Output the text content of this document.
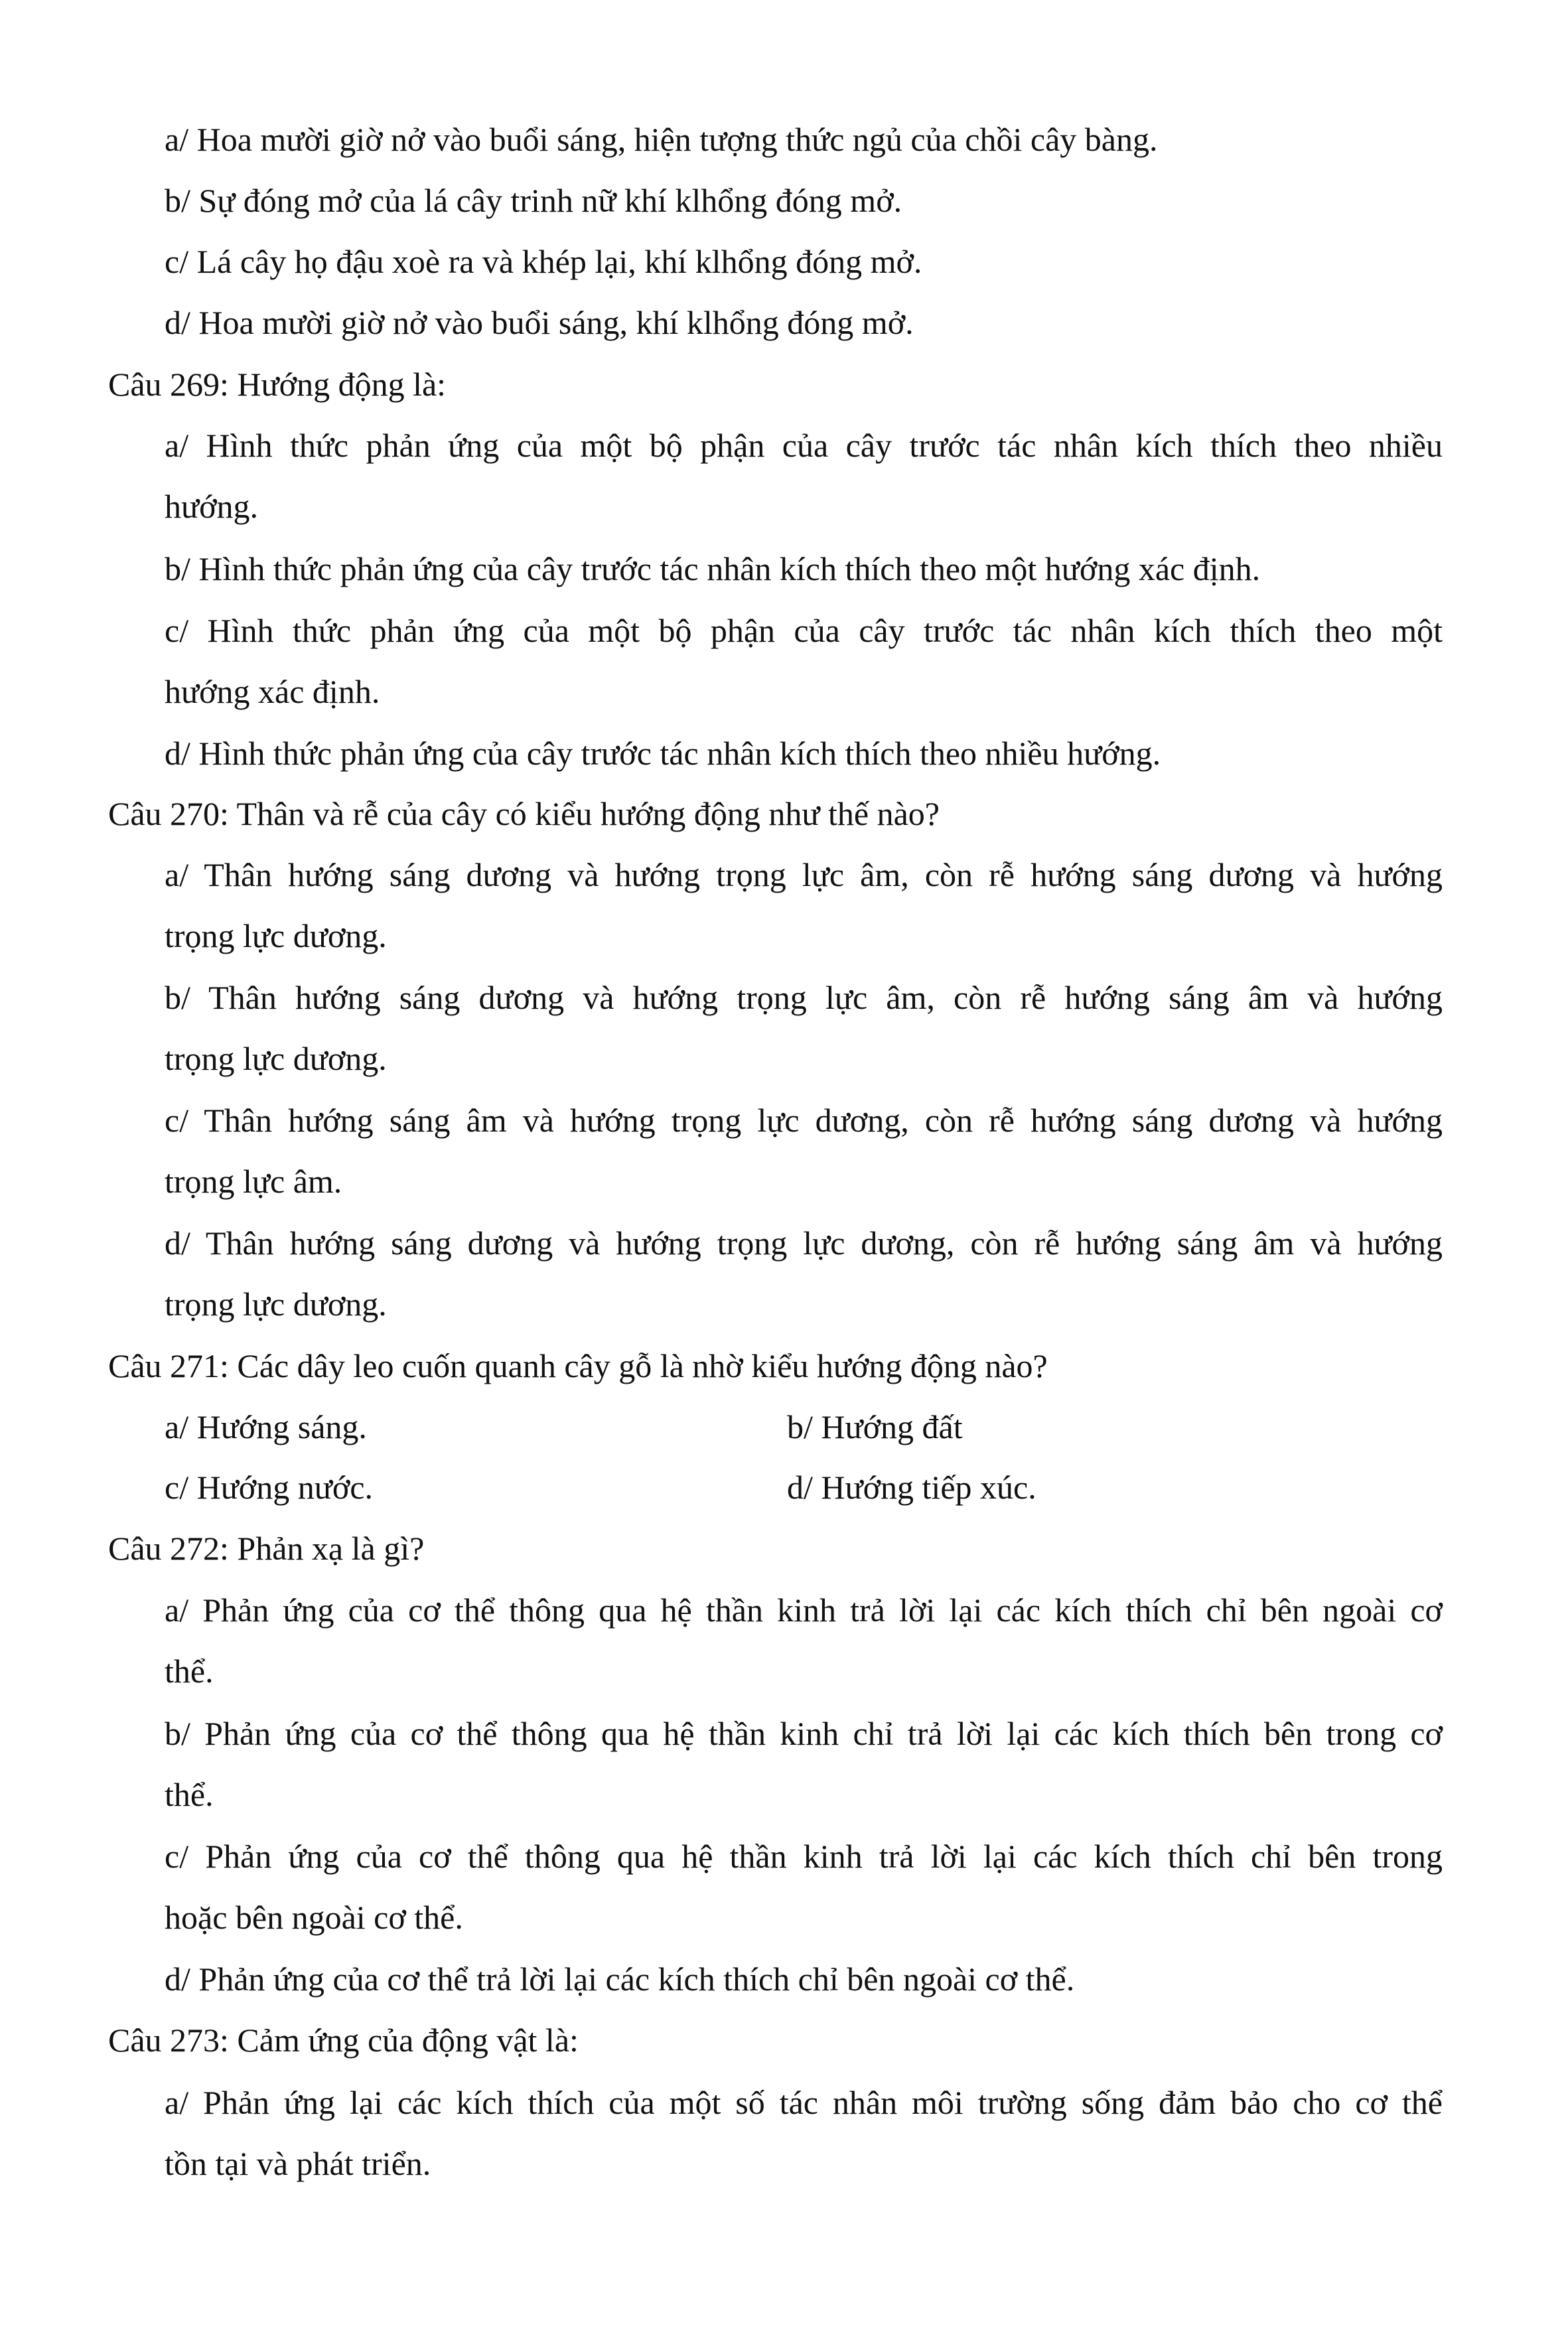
a/ Hoa mười giờ nở vào buổi sáng, hiện tượng thức ngủ của chồi cây bàng.
b/ Sự đóng mở của lá cây trinh nữ khí klhổng đóng mở.
c/ Lá cây họ đậu xoè ra và khép lại, khí klhổng đóng mở.
d/ Hoa mười giờ nở vào buổi sáng, khí klhổng đóng mở.
Câu 269: Hướng động là:
a/ Hình thức phản ứng của một bộ phận của cây trước tác nhân kích thích theo nhiều
hướng.
b/ Hình thức phản ứng của cây trước tác nhân kích thích theo một hướng xác định.
c/ Hình thức phản ứng của một bộ phận của cây trước tác nhân kích thích theo một
hướng xác định.
d/ Hình thức phản ứng của cây trước tác nhân kích thích theo nhiều hướng.
Câu 270: Thân và rễ của cây có kiểu hướng động như thế nào?
a/ Thân hướng sáng dương và hướng trọng lực âm, còn rễ hướng sáng dương và hướng
trọng lực dương.
b/ Thân hướng sáng dương và hướng trọng lực âm, còn rễ hướng sáng âm và hướng
trọng lực dương.
c/ Thân hướng sáng âm và hướng trọng lực dương, còn rễ hướng sáng dương và hướng
trọng lực âm.
d/ Thân hướng sáng dương và hướng trọng lực dương, còn rễ hướng sáng âm và hướng
trọng lực dương.
Câu 271: Các dây leo cuốn quanh cây gỗ là nhờ kiểu hướng động nào?
a/ Hướng sáng.	b/ Hướng đất
c/ Hướng nước.	d/ Hướng tiếp xúc.
Câu 272: Phản xạ là gì?
a/ Phản ứng của cơ thể thông qua hệ thần kinh trả lời lại các kích thích chỉ bên ngoài cơ
thể.
b/ Phản ứng của cơ thể thông qua hệ thần kinh chỉ trả lời lại các kích thích bên trong cơ
thể.
c/ Phản ứng của cơ thể thông qua hệ thần kinh trả lời lại các kích thích chỉ bên trong
hoặc bên ngoài cơ thể.
d/ Phản ứng của cơ thể trả lời lại các kích thích chỉ bên ngoài cơ thể.
Câu 273: Cảm ứng của động vật là:
a/ Phản ứng lại các kích thích của một số tác nhân môi trường sống đảm bảo cho cơ thể
tồn tại và phát triển.
